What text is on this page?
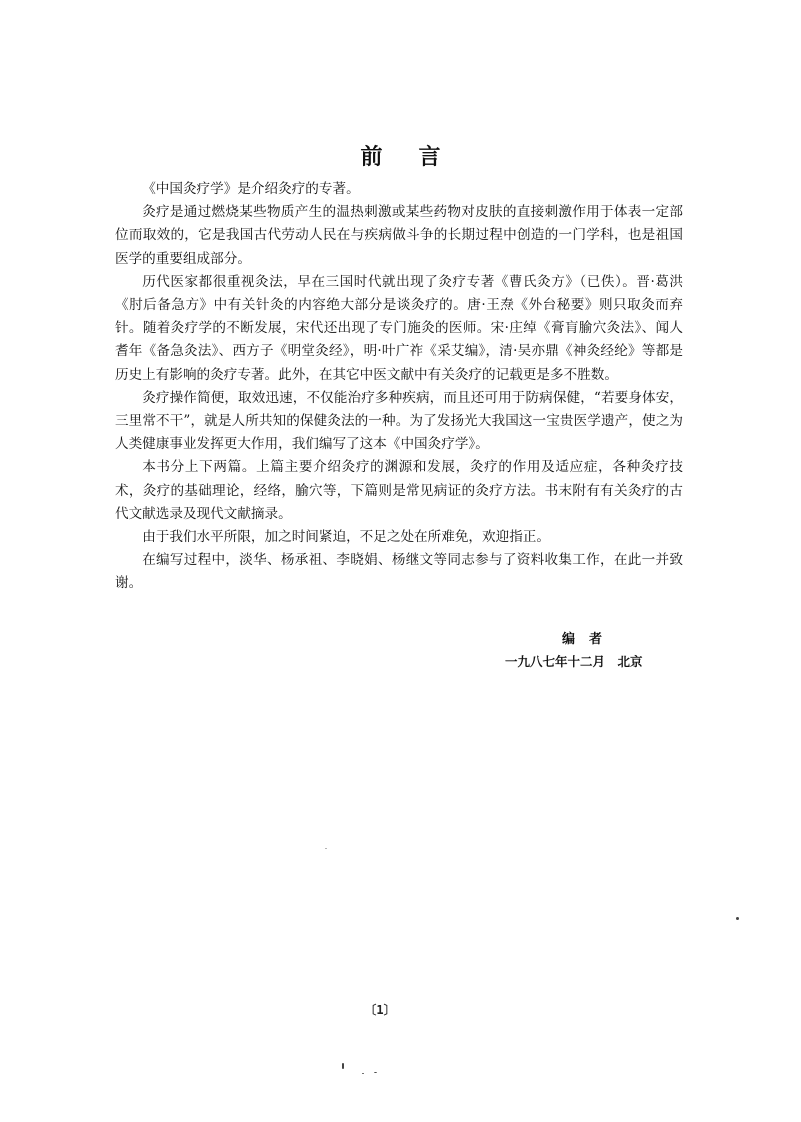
前言

《中国灸疗学》是介绍灸疗的专著。

灸疗是通过燃烧某些物质产生的温热刺激或某些药物对皮肤的直接刺激作用于体表一定部位而取效的，它是我国古代劳动人民在与疾病做斗争的长期过程中创造的一门学科，也是祖国医学的重要组成部分。

历代医家都很重视灸法，早在三国时代就出现了灸疗专著《曹氏灸方》（已佚）。晋·葛洪《肘后备急方》中有关针灸的内容绝大部分是谈灸疗的。唐·王焘《外台秘要》则只取灸而弃针。随着灸疗学的不断发展，宋代还出现了专门施灸的医师。宋·庄绰《膏肓腧穴灸法》、闻人耆年《备急灸法》、西方子《明堂灸经》，明·叶广祚《采艾编》，清·吴亦鼎《神灸经纶》等都是历史上有影响的灸疗专著。此外，在其它中医文献中有关灸疗的记载更是多不胜数。

灸疗操作简便，取效迅速，不仅能治疗多种疾病，而且还可用于防病保健，“若要身体安，三里常不干”，就是人所共知的保健灸法的一种。为了发扬光大我国这一宝贵医学遗产，使之为人类健康事业发挥更大作用，我们编写了这本《中国灸疗学》。

本书分上下两篇。上篇主要介绍灸疗的渊源和发展，灸疗的作用及适应症，各种灸疗技术，灸疗的基础理论，经络，腧穴等，下篇则是常见病证的灸疗方法。书末附有有关灸疗的古代文献选录及现代文献摘录。

由于我们水平所限，加之时间紧迫，不足之处在所难免，欢迎指正。

在编写过程中，淡华、杨承祖、李晓娟、杨继文等同志参与了资料收集工作，在此一并致谢。

编者
一九八七年十二月　北京
〔1〕
